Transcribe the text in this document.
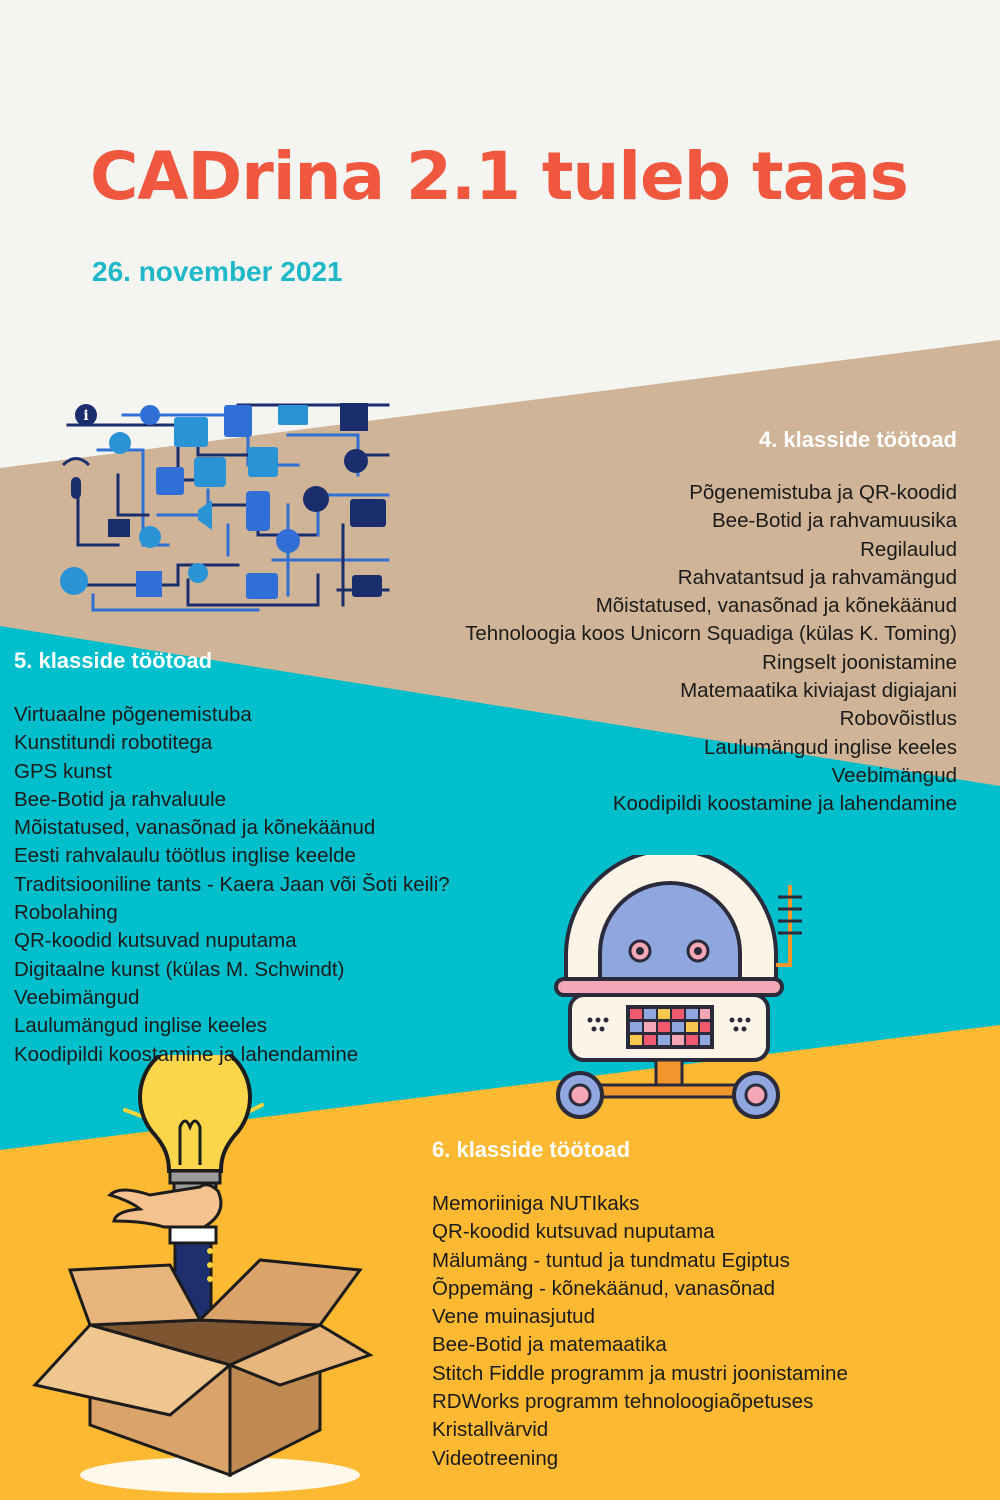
CADrina 2.1 tuleb taas
26. november 2021
i
4. klasside töötoad
Põgenemistuba ja QR-koodid
Bee-Botid ja rahvamuusika
Regilaulud
Rahvatantsud ja rahvamängud
Mõistatused, vanasõnad ja kõnekäänud
Tehnoloogia koos Unicorn Squadiga (külas K. Toming)
Ringselt joonistamine
Matemaatika kiviajast digiajani
Robovõistlus
Laulumängud inglise keeles
Veebimängud
Koodipildi koostamine ja lahendamine
5. klasside töötoad
Virtuaalne põgenemistuba
Kunstitundi robotitega
GPS kunst
Bee-Botid ja rahvaluule
Mõistatused, vanasõnad ja kõnekäänud
Eesti rahvalaulu töötlus inglise keelde
Traditsiooniline tants - Kaera Jaan või Šoti keili?
Robolahing
QR-koodid kutsuvad nuputama
Digitaalne kunst (külas M. Schwindt)
Veebimängud
Laulumängud inglise keeles
Koodipildi koostamine ja lahendamine
6. klasside töötoad
Memoriiniga NUTIkaks
QR-koodid kutsuvad nuputama
Mälumäng - tuntud ja tundmatu Egiptus
Õppemäng - kõnekäänud, vanasõnad
Vene muinasjutud
Bee-Botid ja matemaatika
Stitch Fiddle programm ja mustri joonistamine
RDWorks programm tehnoloogiaõpetuses
Kristallvärvid
Videotreening
